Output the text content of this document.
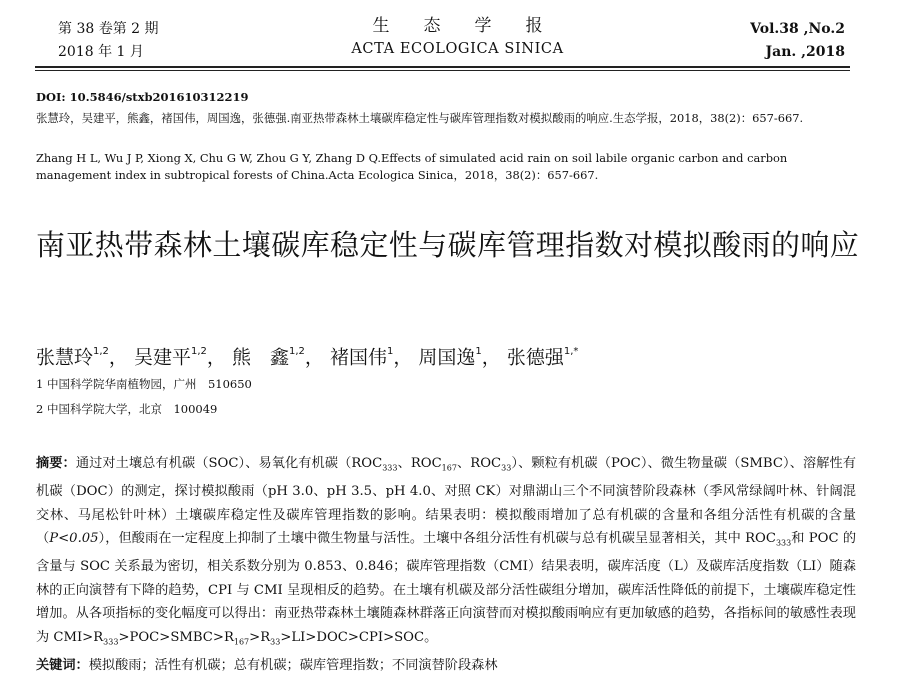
第 38 卷第 2 期
2018 年 1 月
生态学报
ACTA ECOLOGICA SINICA
Vol.38 ,No.2
Jan. ,2018
DOI: 10.5846/stxb201610312219
张慧玲，吴建平，熊鑫，褚国伟，周国逸，张德强.南亚热带森林土壤碳库稳定性与碳库管理指数对模拟酸雨的响应.生态学报，2018，38(2)：657-667.
Zhang H L, Wu J P, Xiong X, Chu G W, Zhou G Y, Zhang D Q.Effects of simulated acid rain on soil labile organic carbon and carbon management index in subtropical forests of China.Acta Ecologica Sinica，2018，38(2)：657-667.
南亚热带森林土壤碳库稳定性与碳库管理指数对模拟酸雨的响应
张慧玲$^{1,2}$， 吴建平$^{1,2}$， 熊　鑫$^{1,2}$， 褚国伟$^1$， 周国逸$^1$， 张德强$^{1,*}$
1 中国科学院华南植物园，广州　510650
2 中国科学院大学，北京　100049
摘要：通过对土壤总有机碳（SOC）、易氧化有机碳（$ROC_{333}$、$ROC_{167}$、$ROC_{33}$）、颗粒有机碳（POC）、微生物量碳（SMBC）、溶解性有机碳（DOC）的测定，探讨模拟酸雨（pH 3.0、pH 3.5、pH 4.0、对照 CK）对鼎湖山三个不同演替阶段森林（季风常绿阔叶林、针阔混交林、马尾松针叶林）土壤碳库稳定性及碳库管理指数的影响。结果表明：模拟酸雨增加了总有机碳的含量和各组分活性有机碳的含量（P<0.05），但酸雨在一定程度上抑制了土壤中微生物量与活性。土壤中各组分活性有机碳与总有机碳呈显著相关，其中 $ROC_{333}$和 POC 的含量与 SOC 关系最为密切，相关系数分别为 0.853、0.846；碳库管理指数（CMI）结果表明，碳库活度（L）及碳库活度指数（LI）随森林的正向演替有下降的趋势，CPI 与 CMI 呈现相反的趋势。在土壤有机碳及部分活性碳组分增加，碳库活性降低的前提下，土壤碳库稳定性增加。从各项指标的变化幅度可以得出：南亚热带森林土壤随森林群落正向演替而对模拟酸雨响应有更加敏感的趋势，各指标间的敏感性表现为 $CMI>R_{333}>POC>SMBC>R_{167}>R_{33}>LI>DOC>CPI>SOC$。
关键词：模拟酸雨；活性有机碳；总有机碳；碳库管理指数；不同演替阶段森林
